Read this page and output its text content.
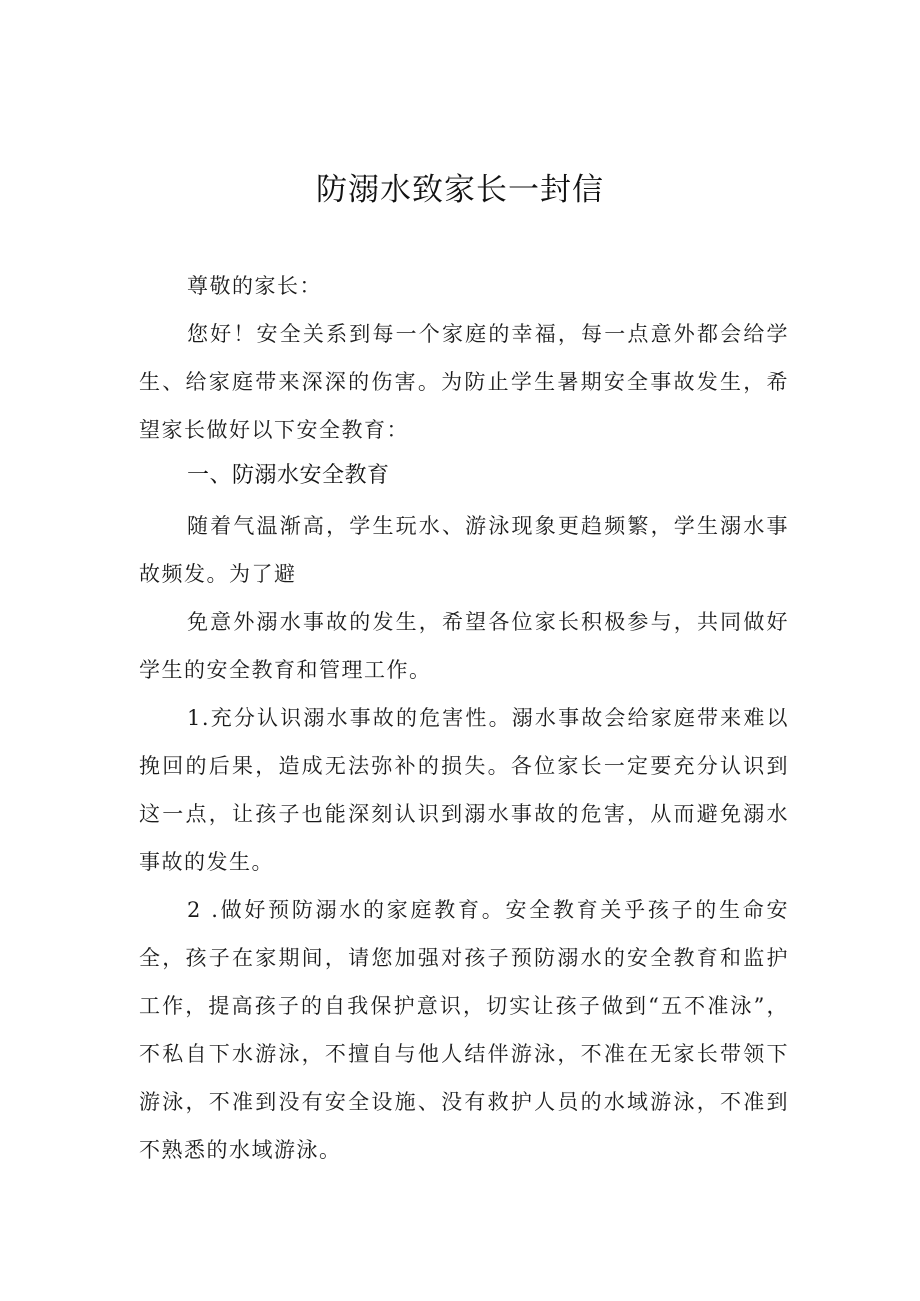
防溺水致家长一封信

尊敬的家长：

您好！安全关系到每一个家庭的幸福，每一点意外都会给学生、给家庭带来深深的伤害。为防止学生暑期安全事故发生，希望家长做好以下安全教育：

一、防溺水安全教育

随着气温渐高，学生玩水、游泳现象更趋频繁，学生溺水事故频发。为了避

免意外溺水事故的发生，希望各位家长积极参与，共同做好学生的安全教育和管理工作。

1.充分认识溺水事故的危害性。溺水事故会给家庭带来难以挽回的后果，造成无法弥补的损失。各位家长一定要充分认识到这一点，让孩子也能深刻认识到溺水事故的危害，从而避免溺水事故的发生。

2 .做好预防溺水的家庭教育。安全教育关乎孩子的生命安全，孩子在家期间，请您加强对孩子预防溺水的安全教育和监护工作，提高孩子的自我保护意识，切实让孩子做到“五不准泳”，不私自下水游泳，不擅自与他人结伴游泳，不准在无家长带领下游泳，不准到没有安全设施、没有救护人员的水域游泳，不准到不熟悉的水域游泳。
